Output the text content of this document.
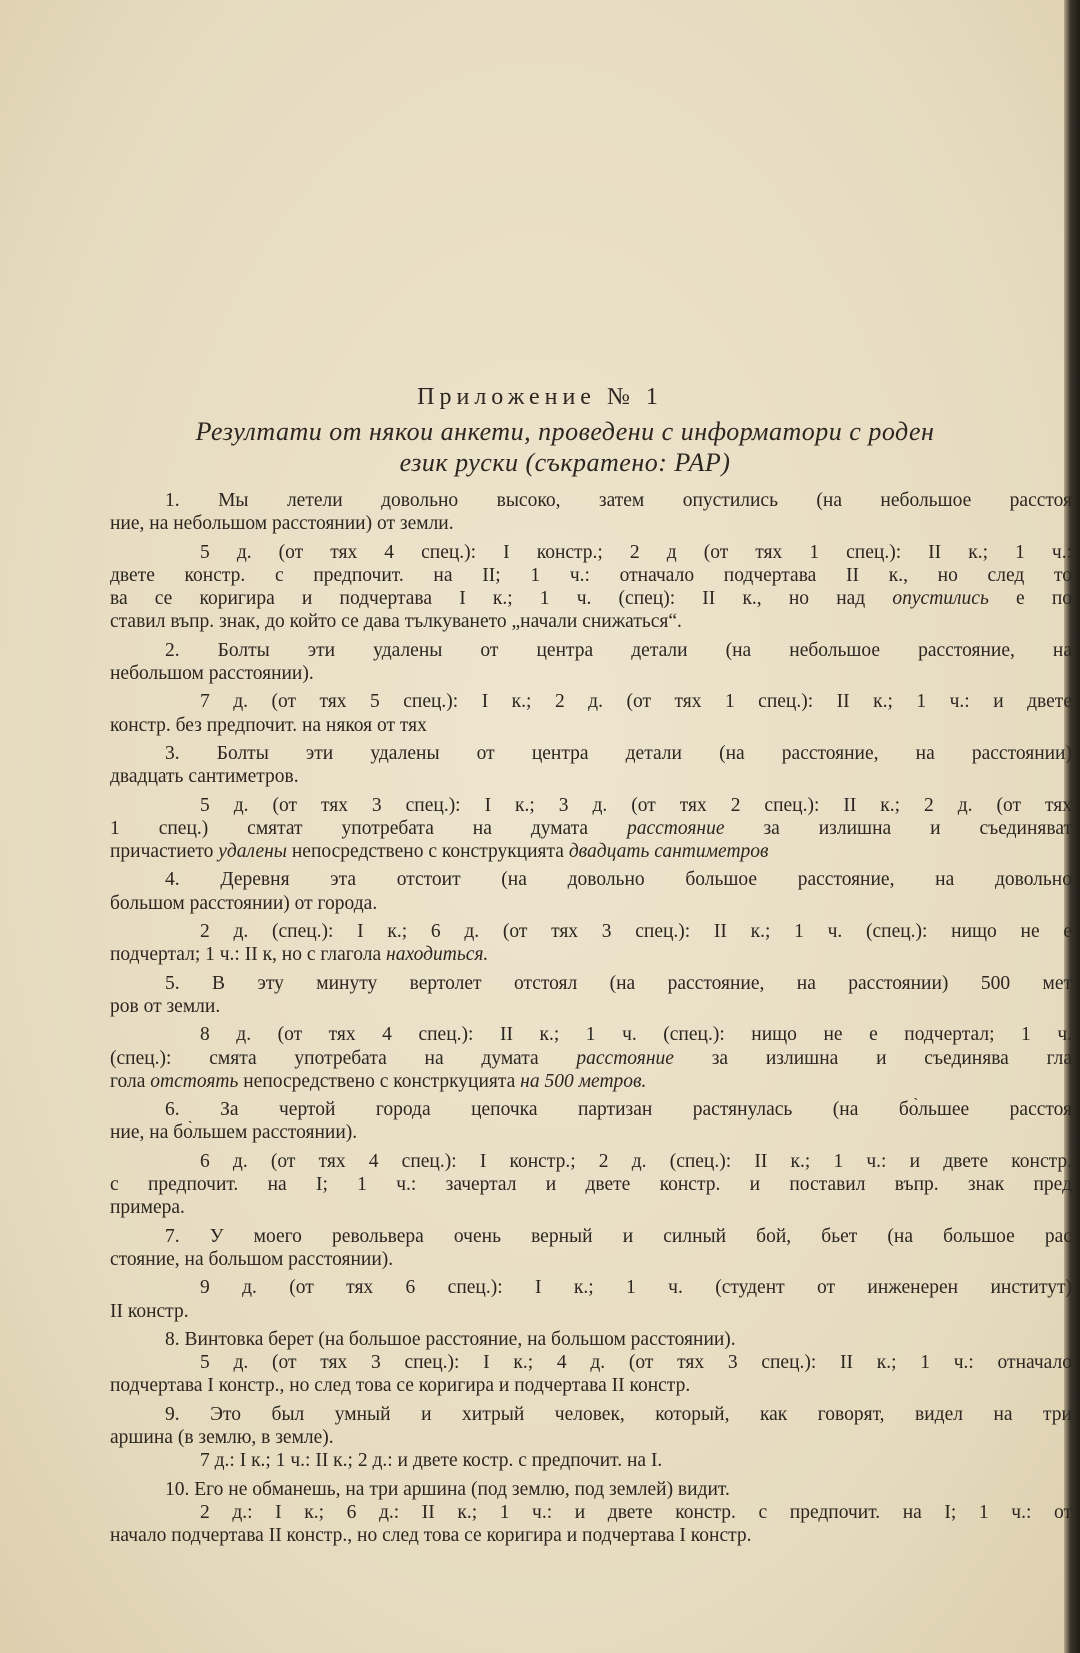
Приложение № 1
Резултати от някои анкети, проведени с информатори с роден
език руски (съкратено: РАР)
1. Мы летели довольно высоко, затем опустились (на небольшое расстоя
ние, на небольшом расстоянии) от земли.
5 д. (от тях 4 спец.): I констр.; 2 д (от тях 1 спец.): II к.; 1 ч.:
двете констр. с предпочит. на II; 1 ч.: отначало подчертава II к., но след то
ва се коригира и подчертава I к.; 1 ч. (спец): II к., но над опустились е по
ставил въпр. знак, до който се дава тълкуването „начали снижаться“.
2. Болты эти удалены от центра детали (на небольшое расстояние, на
небольшом расстоянии).
7 д. (от тях 5 спец.): I к.; 2 д. (от тях 1 спец.): II к.; 1 ч.: и двете
констр. без предпочит. на някоя от тях
3. Болты эти удалены от центра детали (на расстояние, на расстоянии)
двадцать сантиметров.
5 д. (от тях 3 спец.): I к.; 3 д. (от тях 2 спец.): II к.; 2 д. (от тях
1 спец.) смятат употребата на думата расстояние за излишна и съединяват
причастието удалены непосредствено с конструкцията двадцать сантиметров
4. Деревня эта отстоит (на довольно большое расстояние, на довольно
большом расстоянии) от города.
2 д. (спец.): I к.; 6 д. (от тях 3 спец.): II к.; 1 ч. (спец.): нищо не е
подчертал; 1 ч.: II к, но с глагола находиться.
5. В эту минуту вертолет отстоял (на расстояние, на расстоянии) 500 мет
ров от земли.
8 д. (от тях 4 спец.): II к.; 1 ч. (спец.): нищо не е подчертал; 1 ч.
(спец.): смята употребата на думата расстояние за излишна и съединява гла
гола отстоять непосредствено с констркуцията на 500 метров.
6. За чертой города цепочка партизан растянулась (на бо̀льшее расстоя
ние, на бо̀льшем расстоянии).
6 д. (от тях 4 спец.): I констр.; 2 д. (спец.): II к.; 1 ч.: и двете констр.
с предпочит. на I; 1 ч.: зачертал и двете констр. и поставил въпр. знак пред
примера.
7. У моего револьвера очень верный и силный бой, бьет (на большое рас
стояние, на большом расстоянии).
9 д. (от тях 6 спец.): I к.; 1 ч. (студент от инженерен институт)
II констр.
8. Винтовка берет (на большое расстояние, на большом расстоянии).
5 д. (от тях 3 спец.): I к.; 4 д. (от тях 3 спец.): II к.; 1 ч.: отначало
подчертава I констр., но след това се коригира и подчертава II констр.
9. Это был умный и хитрый человек, который, как говорят, видел на три
аршина (в землю, в земле).
7 д.: I к.; 1 ч.: II к.; 2 д.: и двете костр. с предпочит. на I.
10. Его не обманешь, на три аршина (под землю, под землей) видит.
2 д.: I к.; 6 д.: II к.; 1 ч.: и двете констр. с предпочит. на I; 1 ч.: от
начало подчертава II констр., но след това се коригира и подчертава I констр.
